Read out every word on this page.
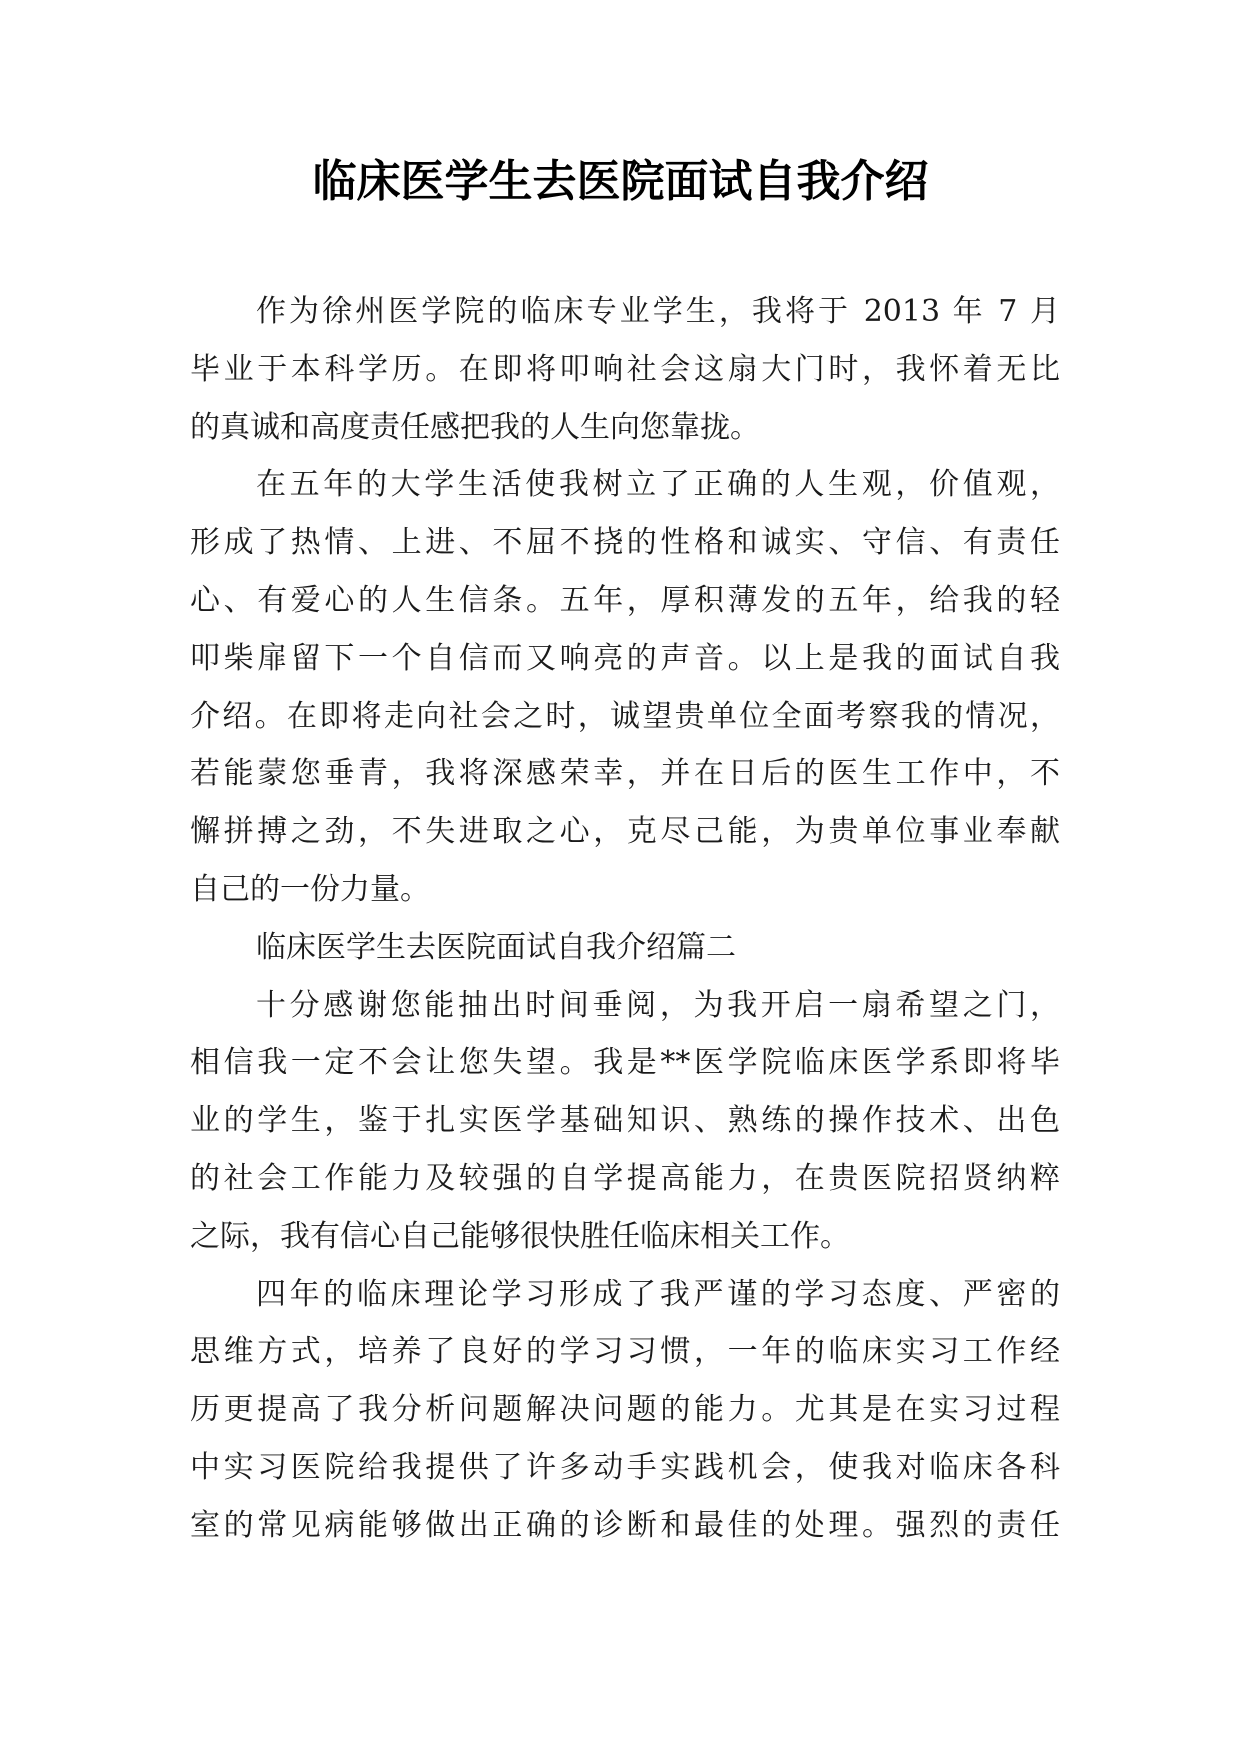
临床医学生去医院面试自我介绍
作为徐州医学院的临床专业学生，我将于 2013 年 7 月
毕业于本科学历。在即将叩响社会这扇大门时，我怀着无比
的真诚和高度责任感把我的人生向您靠拢。
在五年的大学生活使我树立了正确的人生观，价值观，
形成了热情、上进、不屈不挠的性格和诚实、守信、有责任
心、有爱心的人生信条。五年，厚积薄发的五年，给我的轻
叩柴扉留下一个自信而又响亮的声音。以上是我的面试自我
介绍。在即将走向社会之时，诚望贵单位全面考察我的情况，
若能蒙您垂青，我将深感荣幸，并在日后的医生工作中，不
懈拼搏之劲，不失进取之心，克尽己能，为贵单位事业奉献
自己的一份力量。
临床医学生去医院面试自我介绍篇二
十分感谢您能抽出时间垂阅，为我开启一扇希望之门，
相信我一定不会让您失望。我是**医学院临床医学系即将毕
业的学生，鉴于扎实医学基础知识、熟练的操作技术、出色
的社会工作能力及较强的自学提高能力，在贵医院招贤纳粹
之际，我有信心自己能够很快胜任临床相关工作。
四年的临床理论学习形成了我严谨的学习态度、严密的
思维方式，培养了良好的学习习惯，一年的临床实习工作经
历更提高了我分析问题解决问题的能力。尤其是在实习过程
中实习医院给我提供了许多动手实践机会，使我对临床各科
室的常见病能够做出正确的诊断和最佳的处理。强烈的责任
